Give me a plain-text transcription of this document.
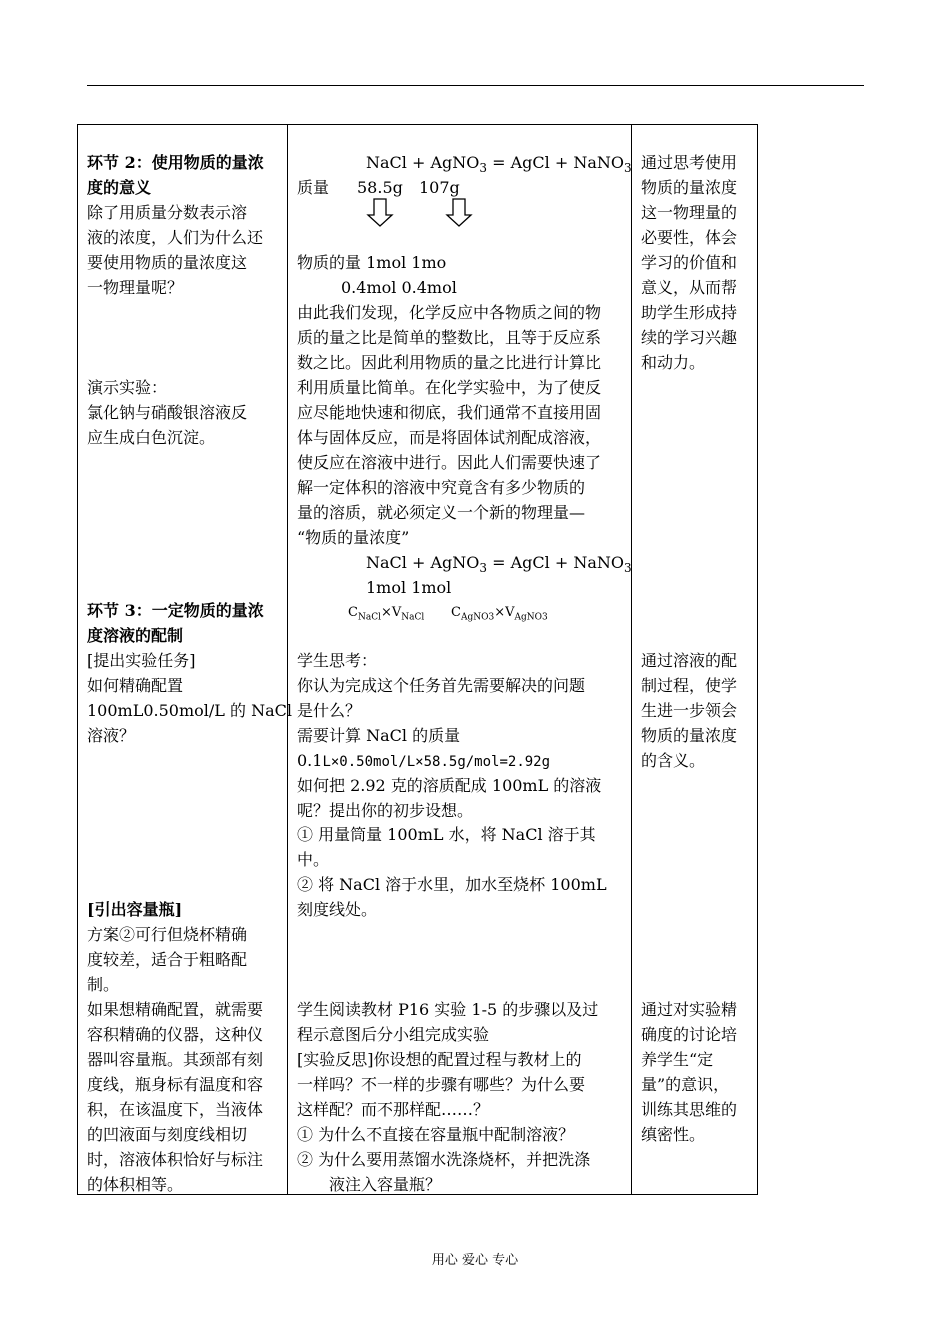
环节 2：使用物质的量浓
度的意义
除了用质量分数表示溶
液的浓度，人们为什么还
要使用物质的量浓度这
一物理量呢？
演示实验：
氯化钠与硝酸银溶液反
应生成白色沉淀。
环节 3：一定物质的量浓
度溶液的配制
[提出实验任务]
如何精确配置
100mL0.50mol/L 的 NaCl
溶液？
[引出容量瓶]
方案②可行但烧杯精确
度较差，适合于粗略配
制。
如果想精确配置，就需要
容积精确的仪器，这种仪
器叫容量瓶。其颈部有刻
度线，瓶身标有温度和容
积，在该温度下，当液体
的凹液面与刻度线相切
时，溶液体积恰好与标注
的体积相等。
NaCl + AgNO$_3$ = AgCl + NaNO$_3$
质量 58.5g 107g
物质的量 1mol 1mo
0.4mol 0.4mol
由此我们发现，化学反应中各物质之间的物
质的量之比是简单的整数比，且等于反应系
数之比。因此利用物质的量之比进行计算比
利用质量比简单。在化学实验中，为了使反
应尽能地快速和彻底，我们通常不直接用固
体与固体反应，而是将固体试剂配成溶液，
使反应在溶液中进行。因此人们需要快速了
解一定体积的溶液中究竟含有多少物质的
量的溶质，就必须定义一个新的物理量—
“物质的量浓度”
NaCl + AgNO$_3$ = AgCl + NaNO$_3$
1mol 1mol
$C_{NaCl}\times V_{NaCl}$ $C_{AgNO3}\times V_{AgNO3}$
学生思考：
你认为完成这个任务首先需要解决的问题
是什么？
需要计算 NaCl 的质量
0.1L×0.50mol/L×58.5g/mol=2.92g
如何把 2.92 克的溶质配成 100mL 的溶液
呢？提出你的初步设想。
① 用量筒量 100mL 水，将 NaCl 溶于其
中。
② 将 NaCl 溶于水里，加水至烧杯 100mL
刻度线处。
学生阅读教材 P16 实验 1-5 的步骤以及过
程示意图后分小组完成实验
[实验反思]你设想的配置过程与教材上的
一样吗？不一样的步骤有哪些？为什么要
这样配？而不那样配……？
① 为什么不直接在容量瓶中配制溶液？
② 为什么要用蒸馏水洗涤烧杯，并把洗涤
液注入容量瓶？
通过思考使用
物质的量浓度
这一物理量的
必要性，体会
学习的价值和
意义，从而帮
助学生形成持
续的学习兴趣
和动力。
通过溶液的配
制过程，使学
生进一步领会
物质的量浓度
的含义。
通过对实验精
确度的讨论培
养学生“定
量”的意识，
训练其思维的
缜密性。
用心 爱心 专心
